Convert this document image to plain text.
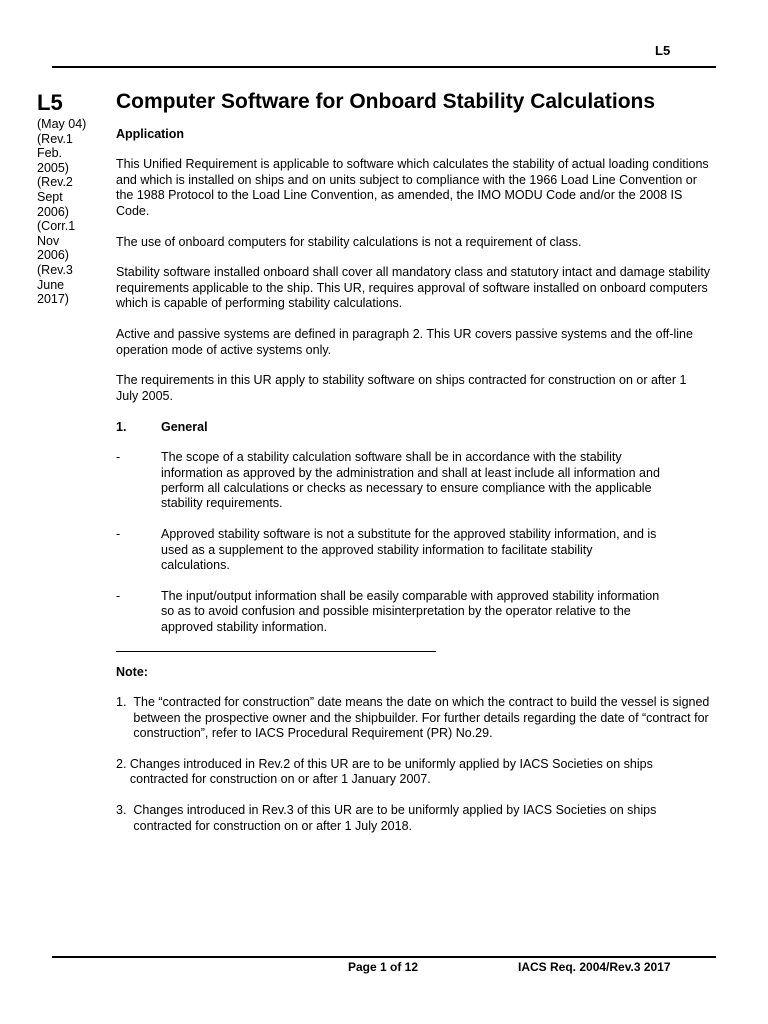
L5
L5
(May 04)
(Rev.1
Feb.
2005)
(Rev.2
Sept
2006)
(Corr.1
Nov
2006)
(Rev.3
June
2017)
Computer Software for Onboard Stability Calculations
Application
This Unified Requirement is applicable to software which calculates the stability of actual loading conditions and which is installed on ships and on units subject to compliance with the 1966 Load Line Convention or the 1988 Protocol to the Load Line Convention, as amended, the IMO MODU Code and/or the 2008 IS Code.
The use of onboard computers for stability calculations is not a requirement of class.
Stability software installed onboard shall cover all mandatory class and statutory intact and damage stability requirements applicable to the ship. This UR, requires approval of software installed on onboard computers which is capable of performing stability calculations.
Active and passive systems are defined in paragraph 2. This UR covers passive systems and the off-line operation mode of active systems only.
The requirements in this UR apply to stability software on ships contracted for construction on or after 1 July 2005.
1.	General
-	The scope of a stability calculation software shall be in accordance with the stability information as approved by the administration and shall at least include all information and perform all calculations or checks as necessary to ensure compliance with the applicable stability requirements.
-	Approved stability software is not a substitute for the approved stability information, and is used as a supplement to the approved stability information to facilitate stability calculations.
-	The input/output information shall be easily comparable with approved stability information so as to avoid confusion and possible misinterpretation by the operator relative to the approved stability information.
Note:
1. The “contracted for construction” date means the date on which the contract to build the vessel is signed between the prospective owner and the shipbuilder. For further details regarding the date of “contract for construction”, refer to IACS Procedural Requirement (PR) No.29.
2. Changes introduced in Rev.2 of this UR are to be uniformly applied by IACS Societies on ships contracted for construction on or after 1 January 2007.
3. Changes introduced in Rev.3 of this UR are to be uniformly applied by IACS Societies on ships contracted for construction on or after 1 July 2018.
Page 1 of 12	IACS Req. 2004/Rev.3 2017
